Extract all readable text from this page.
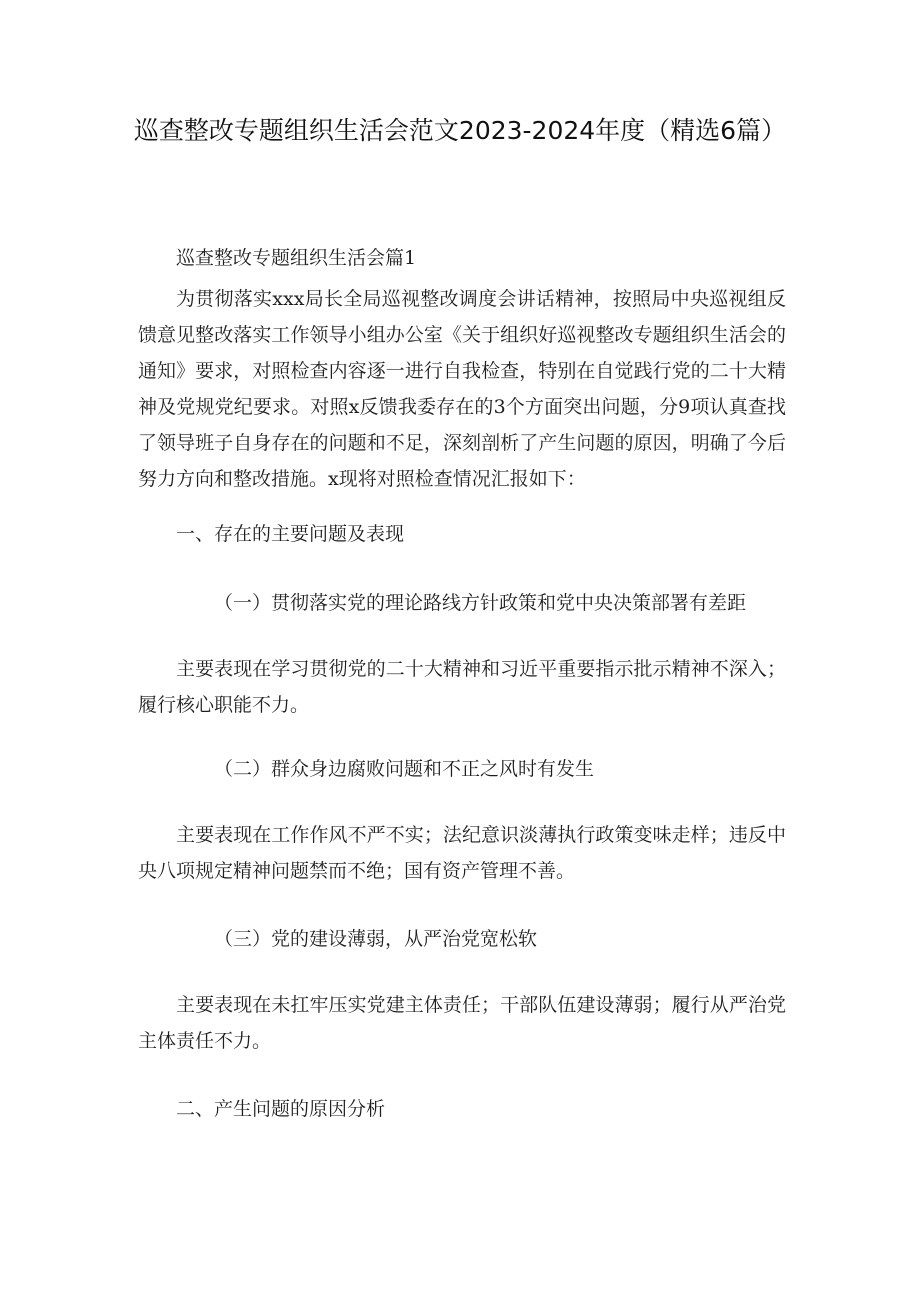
巡查整改专题组织生活会范文2023-2024年度（精选6篇）

巡查整改专题组织生活会篇1

为贯彻落实xxx局长全局巡视整改调度会讲话精神，按照局中央巡视组反馈意见整改落实工作领导小组办公室《关于组织好巡视整改专题组织生活会的通知》要求，对照检查内容逐一进行自我检查，特别在自觉践行党的二十大精神及党规党纪要求。对照x反馈我委存在的3个方面突出问题，分9项认真查找了领导班子自身存在的问题和不足，深刻剖析了产生问题的原因，明确了今后努力方向和整改措施。x现将对照检查情况汇报如下：

一、存在的主要问题及表现

（一）贯彻落实党的理论路线方针政策和党中央决策部署有差距

主要表现在学习贯彻党的二十大精神和习近平重要指示批示精神不深入；履行核心职能不力。

（二）群众身边腐败问题和不正之风时有发生

主要表现在工作作风不严不实；法纪意识淡薄执行政策变味走样；违反中央八项规定精神问题禁而不绝；国有资产管理不善。

（三）党的建设薄弱，从严治党宽松软

主要表现在未扛牢压实党建主体责任；干部队伍建设薄弱；履行从严治党主体责任不力。

二、产生问题的原因分析
